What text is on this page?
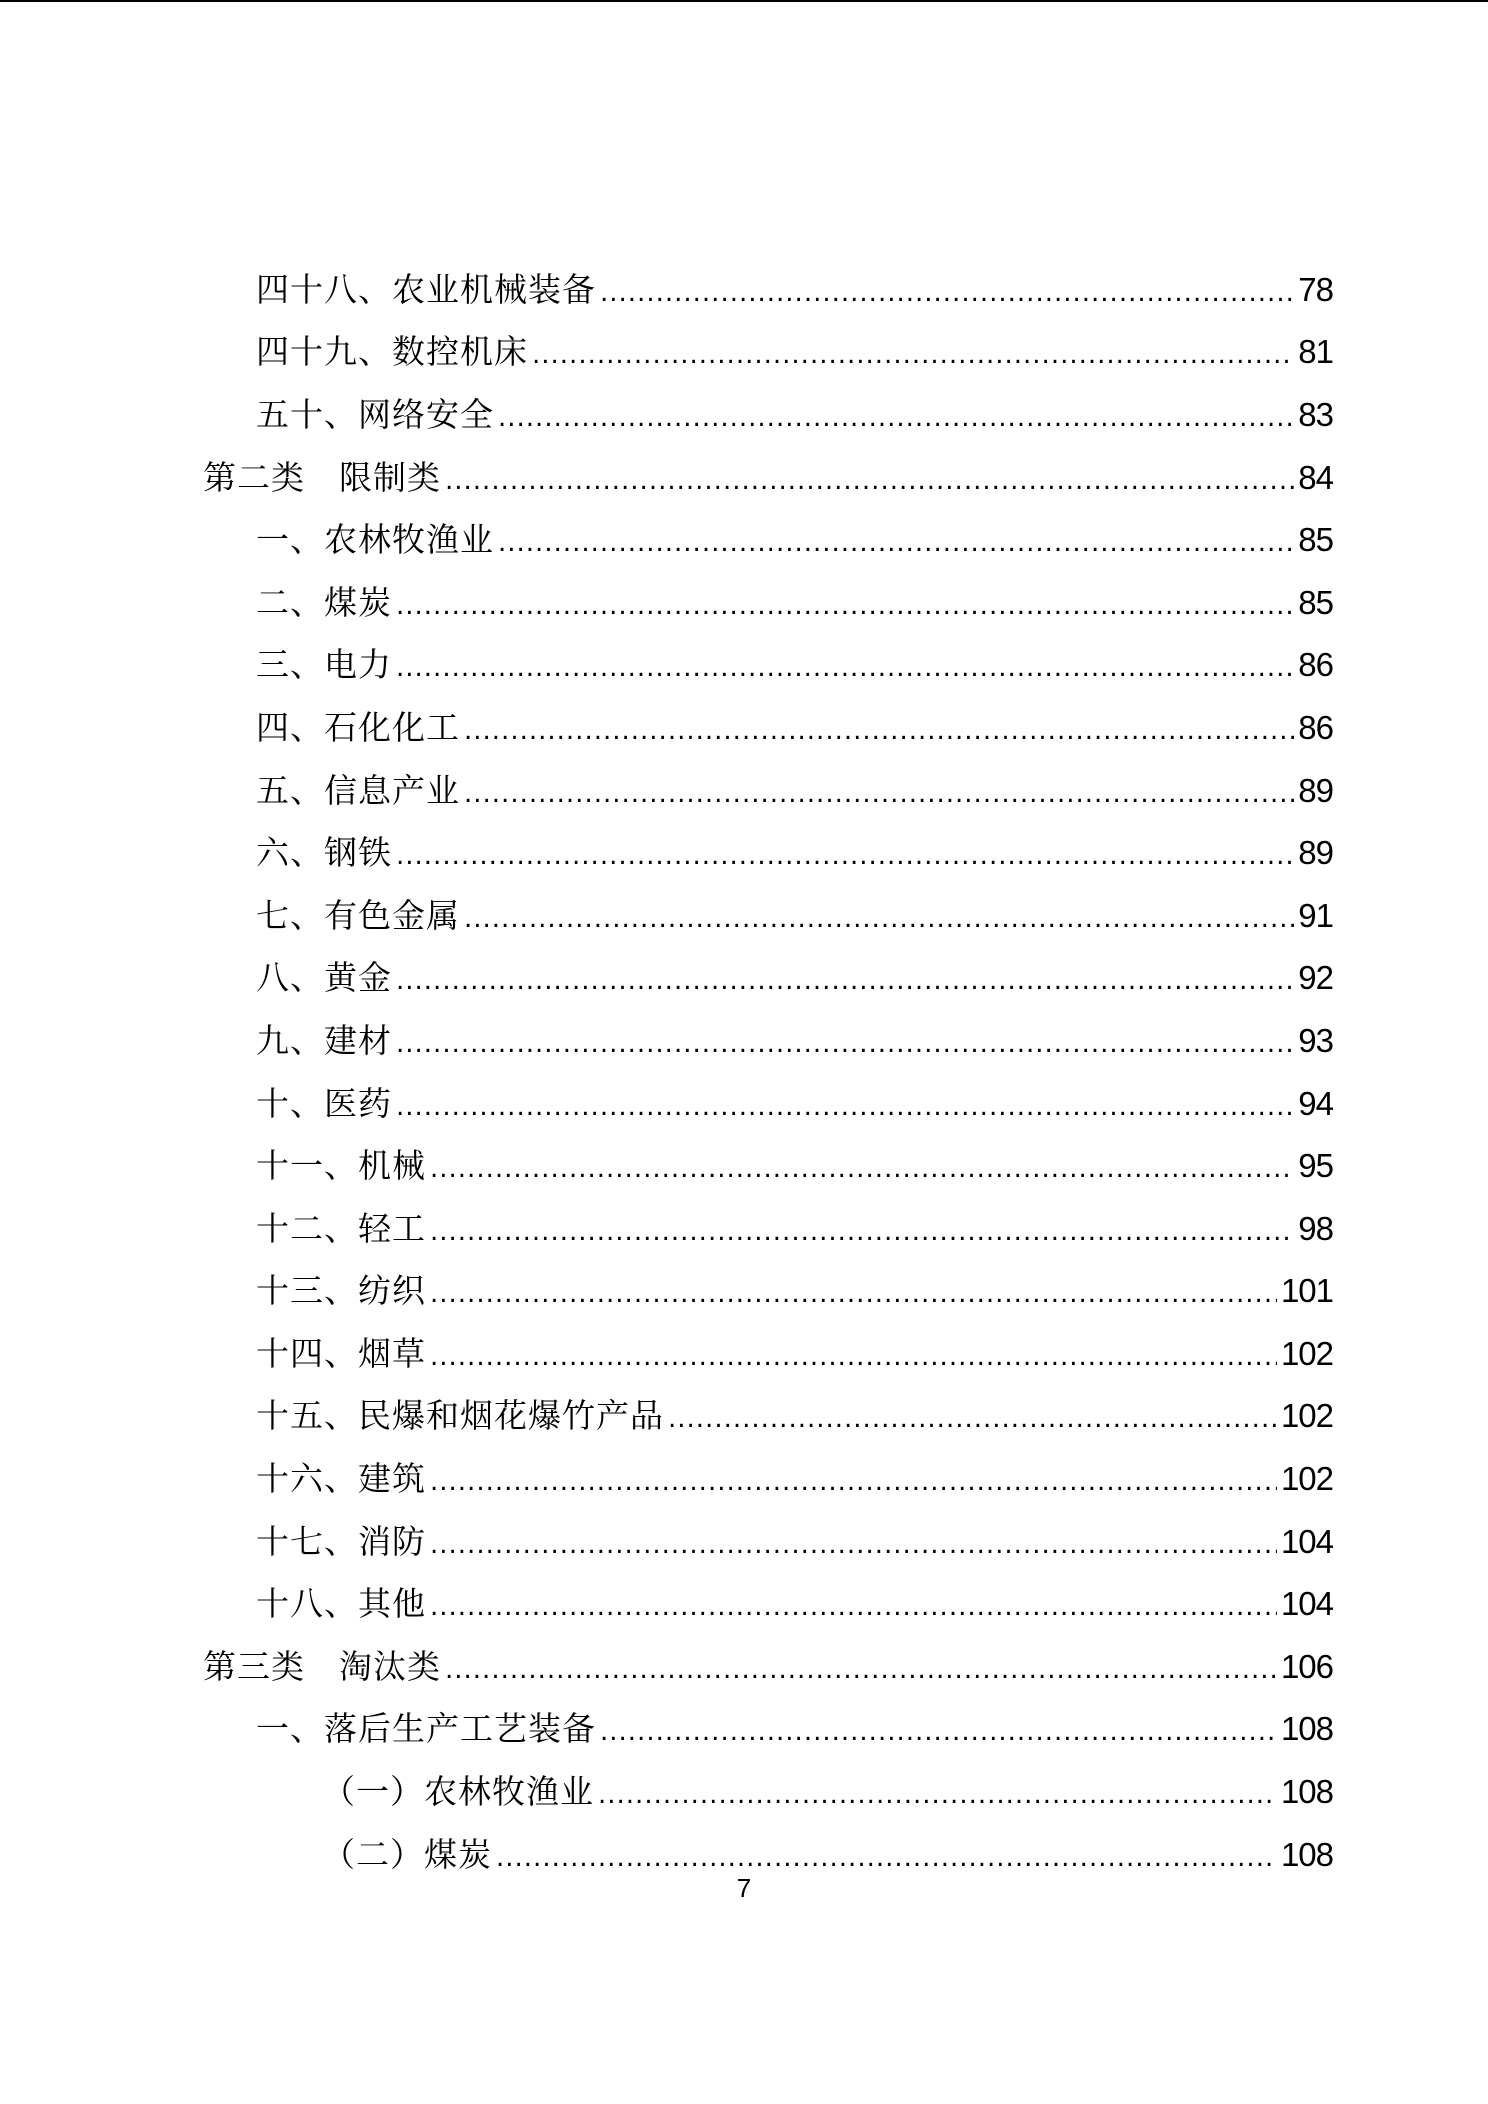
四十八、农业机械装备 .....	78
四十九、数控机床 .....	81
五十、网络安全 .....	83
第二类　限制类 .....	84
一、农林牧渔业 .....	85
二、煤炭 .....	85
三、电力 .....	86
四、石化化工 .....	86
五、信息产业 .....	89
六、钢铁 .....	89
七、有色金属 .....	91
八、黄金 .....	92
九、建材 .....	93
十、医药 .....	94
十一、机械 .....	95
十二、轻工 .....	98
十三、纺织 .....	101
十四、烟草 .....	102
十五、民爆和烟花爆竹产品 .....	102
十六、建筑 .....	102
十七、消防 .....	104
十八、其他 .....	104
第三类　淘汰类 .....	106
一、落后生产工艺装备 .....	108
（一）农林牧渔业 .....	108
（二）煤炭 .....	108
7
